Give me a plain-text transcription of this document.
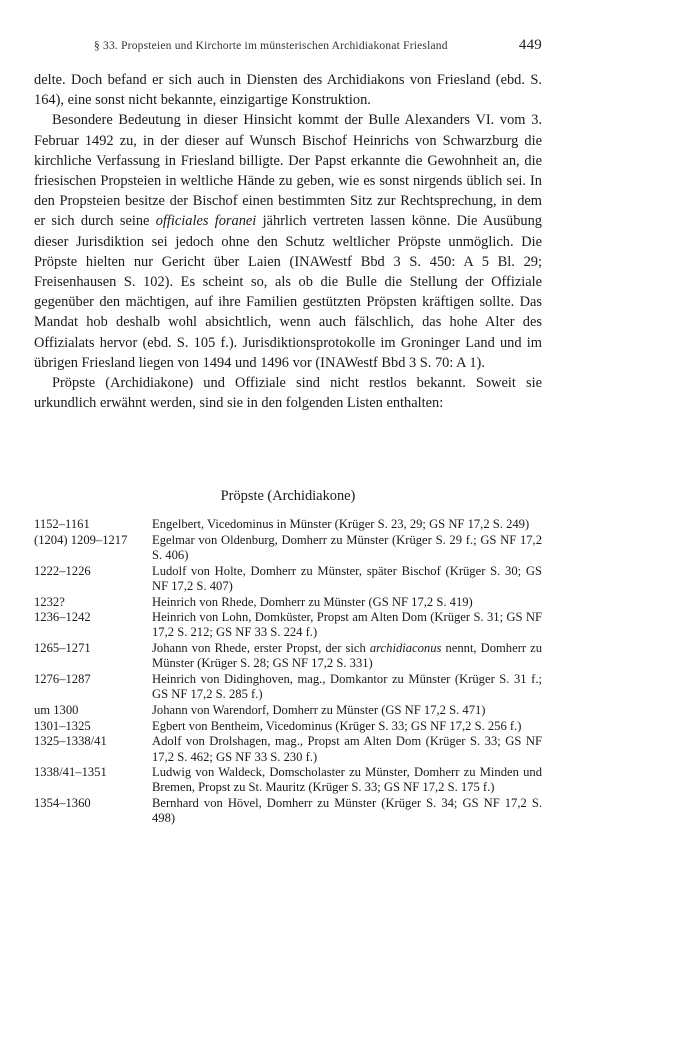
§ 33. Propsteien und Kirchorte im münsterischen Archidiakonat Friesland	449

delte. Doch befand er sich auch in Diensten des Archidiakons von Friesland (ebd. S. 164), eine sonst nicht bekannte, einzigartige Konstruktion.

Besondere Bedeutung in dieser Hinsicht kommt der Bulle Alexanders VI. vom 3. Februar 1492 zu, in der dieser auf Wunsch Bischof Heinrichs von Schwarzburg die kirchliche Verfassung in Friesland billigte. Der Papst erkannte die Gewohnheit an, die friesischen Propsteien in weltliche Hände zu geben, wie es sonst nirgends üblich sei. In den Propsteien besitze der Bischof einen bestimmten Sitz zur Rechtsprechung, in dem er sich durch seine officiales foranei jährlich vertreten lassen könne. Die Ausübung dieser Jurisdiktion sei jedoch ohne den Schutz weltlicher Pröpste unmöglich. Die Pröpste hielten nur Gericht über Laien (INAWestf Bbd 3 S. 450: A 5 Bl. 29; Freisenhausen S. 102). Es scheint so, als ob die Bulle die Stellung der Offiziale gegenüber den mächtigen, auf ihre Familien gestützten Pröpsten kräftigen sollte. Das Mandat hob deshalb wohl absichtlich, wenn auch fälschlich, das hohe Alter des Offizialats hervor (ebd. S. 105 f.). Jurisdiktionsprotokolle im Groninger Land und im übrigen Friesland liegen von 1494 und 1496 vor (INAWestf Bbd 3 S. 70: A 1).

Pröpste (Archidiakone) und Offiziale sind nicht restlos bekannt. Soweit sie urkundlich erwähnt werden, sind sie in den folgenden Listen enthalten:

Pröpste (Archidiakone)
1152–1161	Engelbert, Vicedominus in Münster (Krüger S. 23, 29; GS NF 17,2 S. 249)
(1204) 1209–1217 Egelmar von Oldenburg, Domherr zu Münster (Krüger S. 29 f.; GS NF 17,2 S. 406)
1222–1226	Ludolf von Holte, Domherr zu Münster, später Bischof (Krüger S. 30; GS NF 17,2 S. 407)
1232?	Heinrich von Rhede, Domherr zu Münster (GS NF 17,2 S. 419)
1236–1242	Heinrich von Lohn, Domküster, Propst am Alten Dom (Krüger S. 31; GS NF 17,2 S. 212; GS NF 33 S. 224 f.)
1265–1271	Johann von Rhede, erster Propst, der sich archidiaconus nennt, Domherr zu Münster (Krüger S. 28; GS NF 17,2 S. 331)
1276–1287	Heinrich von Didinghoven, mag., Domkantor zu Münster (Krüger S. 31 f.; GS NF 17,2 S. 285 f.)
um 1300	Johann von Warendorf, Domherr zu Münster (GS NF 17,2 S. 471)
1301–1325	Egbert von Bentheim, Vicedominus (Krüger S. 33; GS NF 17,2 S. 256 f.)
1325–1338/41	Adolf von Drolshagen, mag., Propst am Alten Dom (Krüger S. 33; GS NF 17,2 S. 462; GS NF 33 S. 230 f.)
1338/41–1351	Ludwig von Waldeck, Domscholaster zu Münster, Domherr zu Minden und Bremen, Propst zu St. Mauritz (Krüger S. 33; GS NF 17,2 S. 175 f.)
1354–1360	Bernhard von Hövel, Domherr zu Münster (Krüger S. 34; GS NF 17,2 S. 498)
